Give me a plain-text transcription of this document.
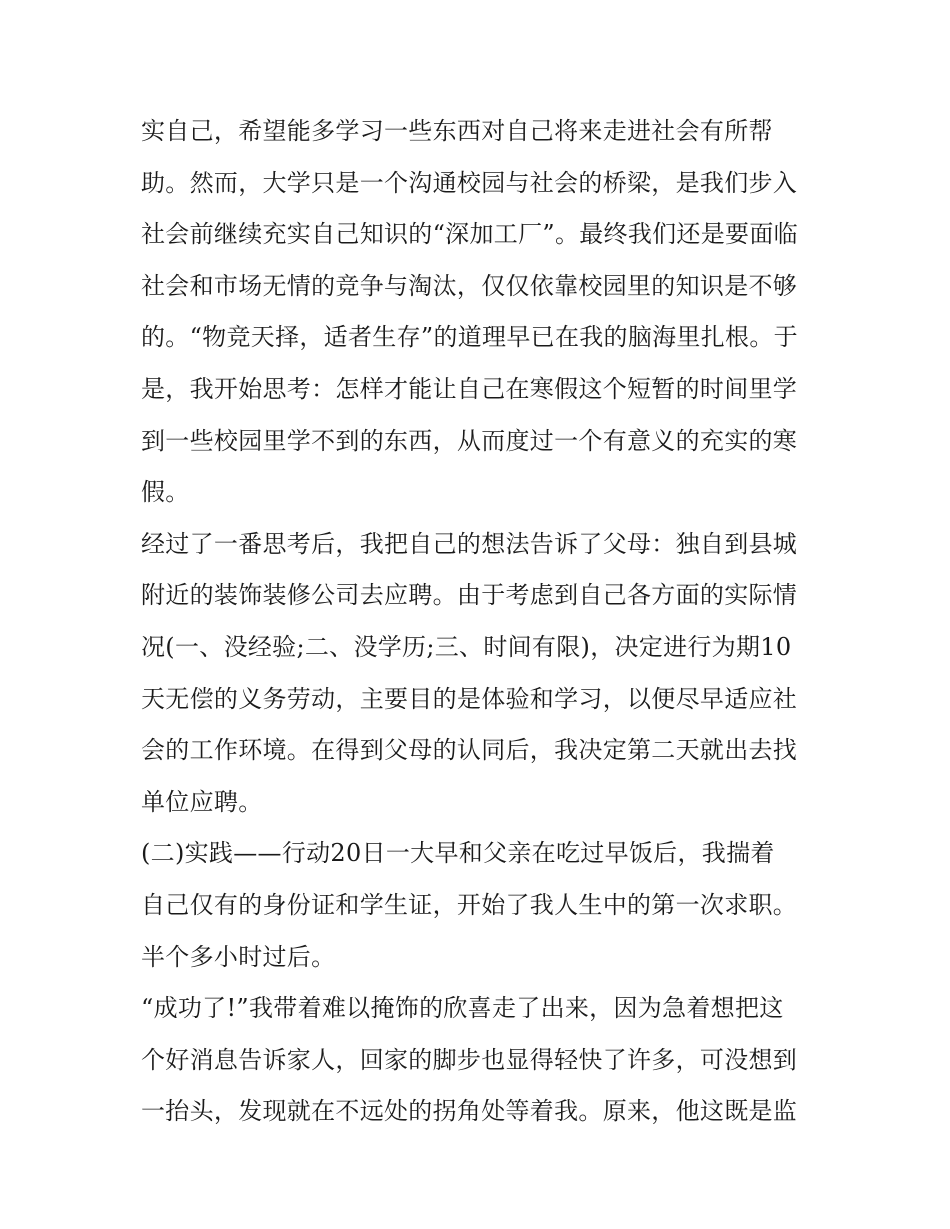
实自己，希望能多学习一些东西对自己将来走进社会有所帮
助。然而，大学只是一个沟通校园与社会的桥梁，是我们步入
社会前继续充实自己知识的“深加工厂”。最终我们还是要面临
社会和市场无情的竞争与淘汰，仅仅依靠校园里的知识是不够
的。“物竞天择，适者生存”的道理早已在我的脑海里扎根。于
是，我开始思考：怎样才能让自己在寒假这个短暂的时间里学
到一些校园里学不到的东西，从而度过一个有意义的充实的寒
假。
经过了一番思考后，我把自己的想法告诉了父母：独自到县城
附近的装饰装修公司去应聘。由于考虑到自己各方面的实际情
况(一、没经验;二、没学历;三、时间有限)，决定进行为期10
天无偿的义务劳动，主要目的是体验和学习，以便尽早适应社
会的工作环境。在得到父母的认同后，我决定第二天就出去找
单位应聘。
(二)实践——行动20日一大早和父亲在吃过早饭后，我揣着
自己仅有的身份证和学生证，开始了我人生中的第一次求职。
半个多小时过后。
“成功了!”我带着难以掩饰的欣喜走了出来，因为急着想把这
个好消息告诉家人，回家的脚步也显得轻快了许多，可没想到
一抬头，发现就在不远处的拐角处等着我。原来，他这既是监
